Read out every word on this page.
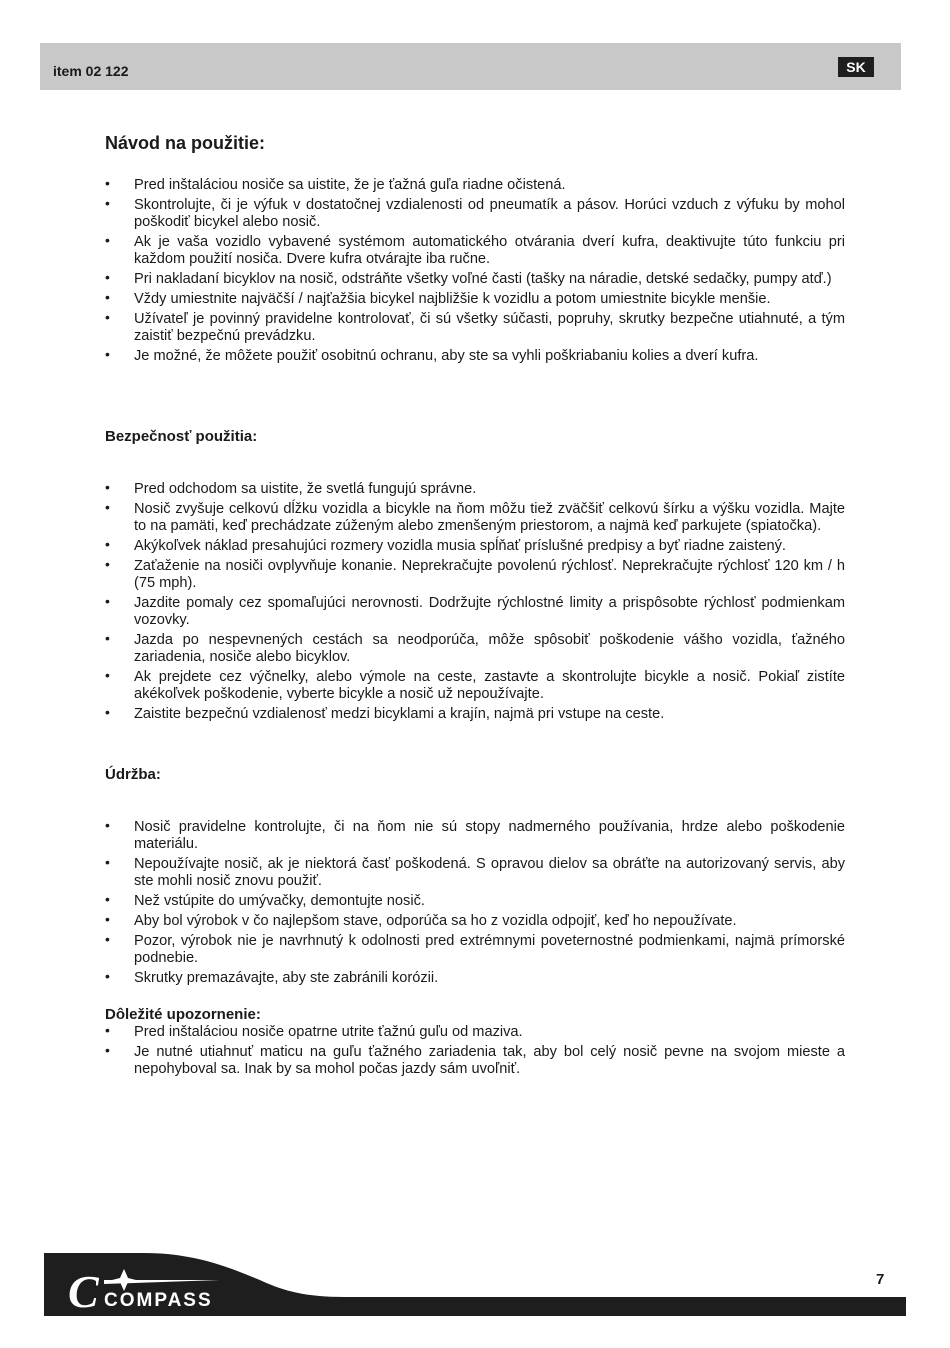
item 02 122	SK
Návod na použitie:
• Pred inštaláciou nosiče sa uistite, že je ťažná guľa riadne očistená.
• Skontrolujte, či je výfuk v dostatočnej vzdialenosti od pneumatík a pásov. Horúci vzduch z výfuku by mohol poškodiť bicykel alebo nosič.
• Ak je vaša vozidlo vybavené systémom automatického otvárania dverí kufra, deaktivujte túto funkciu pri každom použití nosiča. Dvere kufra otvárajte iba ručne.
• Pri nakladaní bicyklov na nosič, odstráňte všetky voľné časti (tašky na náradie, detské sedačky, pumpy atď.)
• Vždy umiestnite najväčší / najťažšia bicykel najbližšie k vozidlu a potom umiestnite bicykle menšie.
• Užívateľ je povinný pravidelne kontrolovať, či sú všetky súčasti, popruhy, skrutky bezpečne utiahnuté, a tým zaistiť bezpečnú prevádzku.
• Je možné, že môžete použiť osobitnú ochranu, aby ste sa vyhli poškriabaniu kolies a dverí kufra.
Bezpečnosť použitia:
• Pred odchodom sa uistite, že svetlá fungujú správne.
• Nosič zvyšuje celkovú dĺžku vozidla a bicykle na ňom môžu tiež zväčšiť celkovú šírku a výšku vozidla. Majte to na pamäti, keď prechádzate zúženým alebo zmenšeným priestorom, a najmä keď parkujete (spiatočka).
• Akýkoľvek náklad presahujúci rozmery vozidla musia spĺňať príslušné predpisy a byť riadne zaistený.
• Zaťaženie na nosiči ovplyvňuje konanie. Neprekračujte povolenú rýchlosť. Neprekračujte rýchlosť 120 km / h (75 mph).
• Jazdite pomaly cez spomaľujúci nerovnosti. Dodržujte rýchlostné limity a prispôsobte rýchlosť podmienkam vozovky.
• Jazda po nespevnených cestách sa neodporúča, môže spôsobiť poškodenie vášho vozidla, ťažného zariadenia, nosiče alebo bicyklov.
• Ak prejdete cez výčnelky, alebo výmole na ceste, zastavte a skontrolujte bicykle a nosič. Pokiaľ zistíte akékoľvek poškodenie, vyberte bicykle a nosič už nepoužívajte.
• Zaistite bezpečnú vzdialenosť medzi bicyklami a krajín, najmä pri vstupe na ceste.
Údržba:
• Nosič pravidelne kontrolujte, či na ňom nie sú stopy nadmerného používania, hrdze alebo poškodenie materiálu.
• Nepoužívajte nosič, ak je niektorá časť poškodená. S opravou dielov sa obráťte na autorizovaný servis, aby ste mohli nosič znovu použiť.
• Než vstúpite do umývačky, demontujte nosič.
• Aby bol výrobok v čo najlepšom stave, odporúča sa ho z vozidla odpojiť, keď ho nepoužívate.
• Pozor, výrobok nie je navrhnutý k odolnosti pred extrémnymi poveternostné podmienkami, najmä prímorské podnebie.
• Skrutky premazávajte, aby ste zabránili korózii.
Dôležité upozornenie:
• Pred inštaláciou nosiče opatrne utrite ťažnú guľu od maziva.
• Je nutné utiahnuť maticu na guľu ťažného zariadenia tak, aby bol celý nosič pevne na svojom mieste a nepohyboval sa. Inak by sa mohol počas jazdy sám uvoľniť.
C COMPASS
7
